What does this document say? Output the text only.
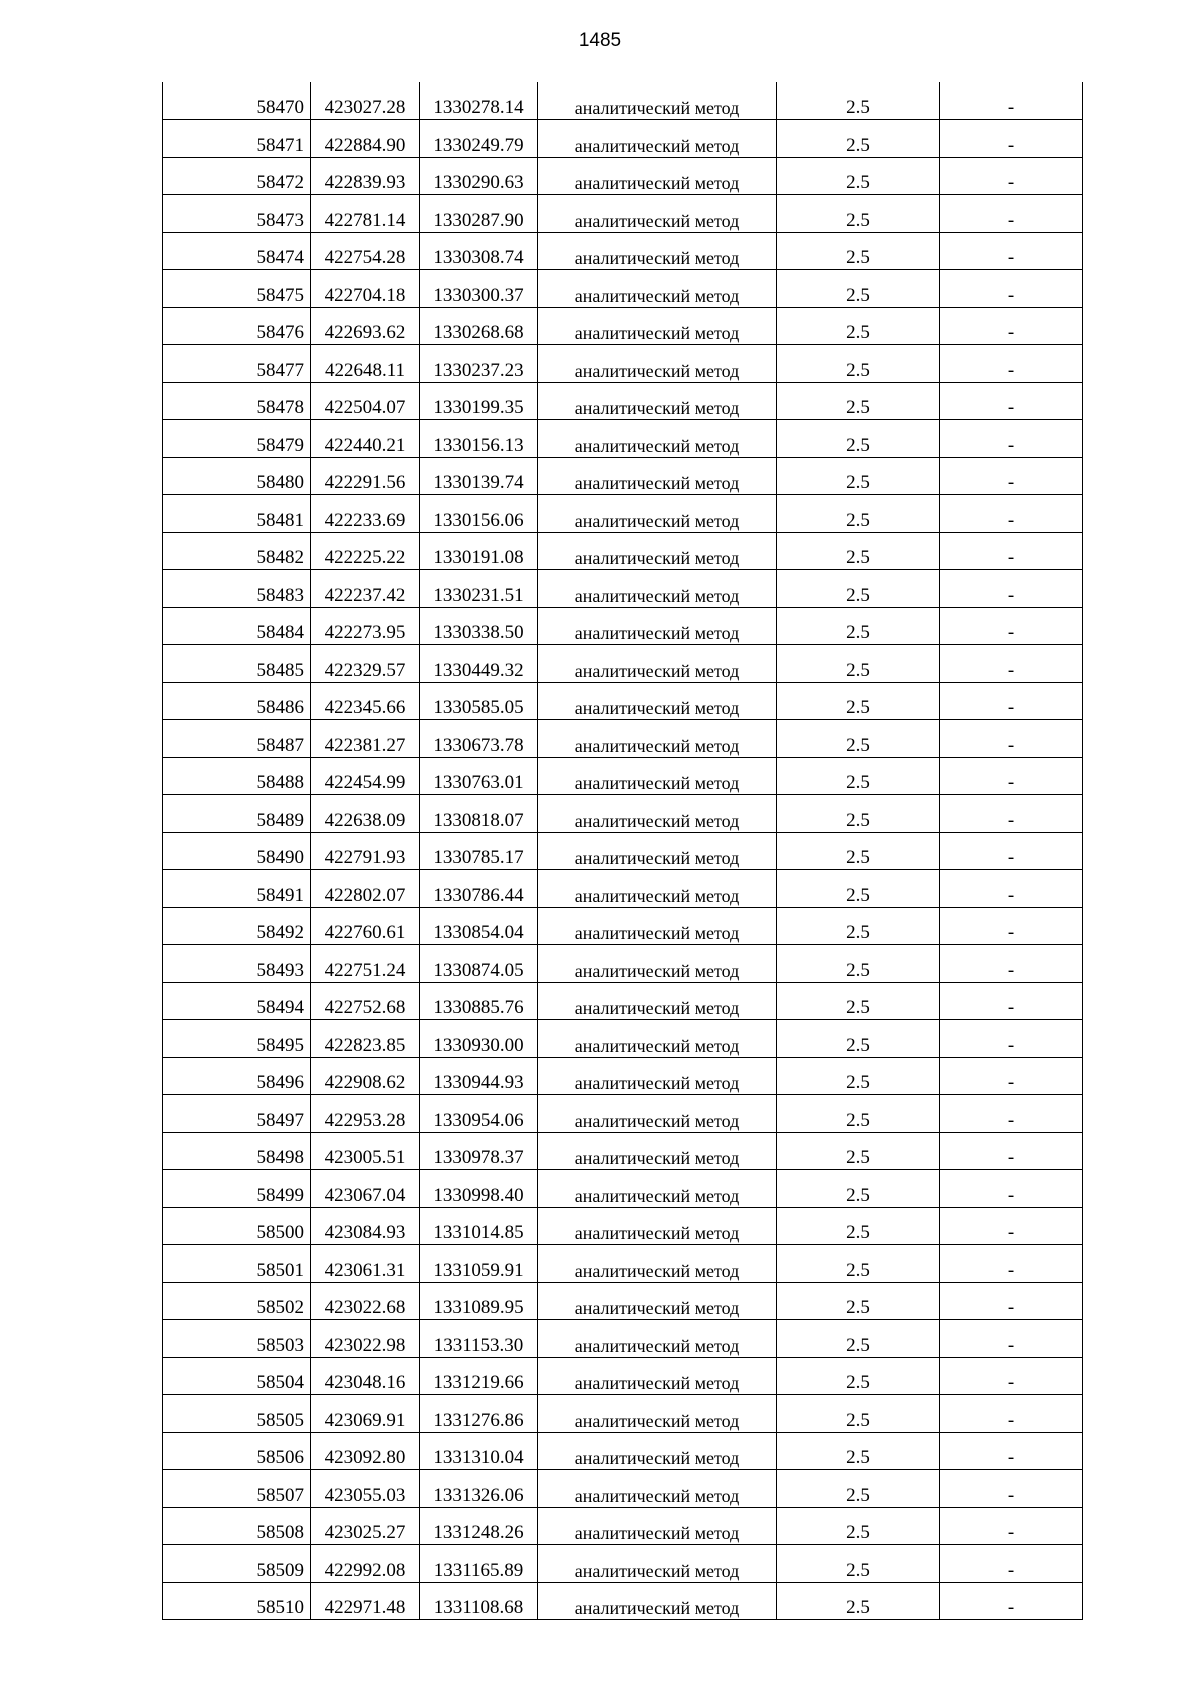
1485
58470	423027.28	1330278.14	аналитический метод	2.5	-
58471	422884.90	1330249.79	аналитический метод	2.5	-
58472	422839.93	1330290.63	аналитический метод	2.5	-
58473	422781.14	1330287.90	аналитический метод	2.5	-
58474	422754.28	1330308.74	аналитический метод	2.5	-
58475	422704.18	1330300.37	аналитический метод	2.5	-
58476	422693.62	1330268.68	аналитический метод	2.5	-
58477	422648.11	1330237.23	аналитический метод	2.5	-
58478	422504.07	1330199.35	аналитический метод	2.5	-
58479	422440.21	1330156.13	аналитический метод	2.5	-
58480	422291.56	1330139.74	аналитический метод	2.5	-
58481	422233.69	1330156.06	аналитический метод	2.5	-
58482	422225.22	1330191.08	аналитический метод	2.5	-
58483	422237.42	1330231.51	аналитический метод	2.5	-
58484	422273.95	1330338.50	аналитический метод	2.5	-
58485	422329.57	1330449.32	аналитический метод	2.5	-
58486	422345.66	1330585.05	аналитический метод	2.5	-
58487	422381.27	1330673.78	аналитический метод	2.5	-
58488	422454.99	1330763.01	аналитический метод	2.5	-
58489	422638.09	1330818.07	аналитический метод	2.5	-
58490	422791.93	1330785.17	аналитический метод	2.5	-
58491	422802.07	1330786.44	аналитический метод	2.5	-
58492	422760.61	1330854.04	аналитический метод	2.5	-
58493	422751.24	1330874.05	аналитический метод	2.5	-
58494	422752.68	1330885.76	аналитический метод	2.5	-
58495	422823.85	1330930.00	аналитический метод	2.5	-
58496	422908.62	1330944.93	аналитический метод	2.5	-
58497	422953.28	1330954.06	аналитический метод	2.5	-
58498	423005.51	1330978.37	аналитический метод	2.5	-
58499	423067.04	1330998.40	аналитический метод	2.5	-
58500	423084.93	1331014.85	аналитический метод	2.5	-
58501	423061.31	1331059.91	аналитический метод	2.5	-
58502	423022.68	1331089.95	аналитический метод	2.5	-
58503	423022.98	1331153.30	аналитический метод	2.5	-
58504	423048.16	1331219.66	аналитический метод	2.5	-
58505	423069.91	1331276.86	аналитический метод	2.5	-
58506	423092.80	1331310.04	аналитический метод	2.5	-
58507	423055.03	1331326.06	аналитический метод	2.5	-
58508	423025.27	1331248.26	аналитический метод	2.5	-
58509	422992.08	1331165.89	аналитический метод	2.5	-
58510	422971.48	1331108.68	аналитический метод	2.5	-
